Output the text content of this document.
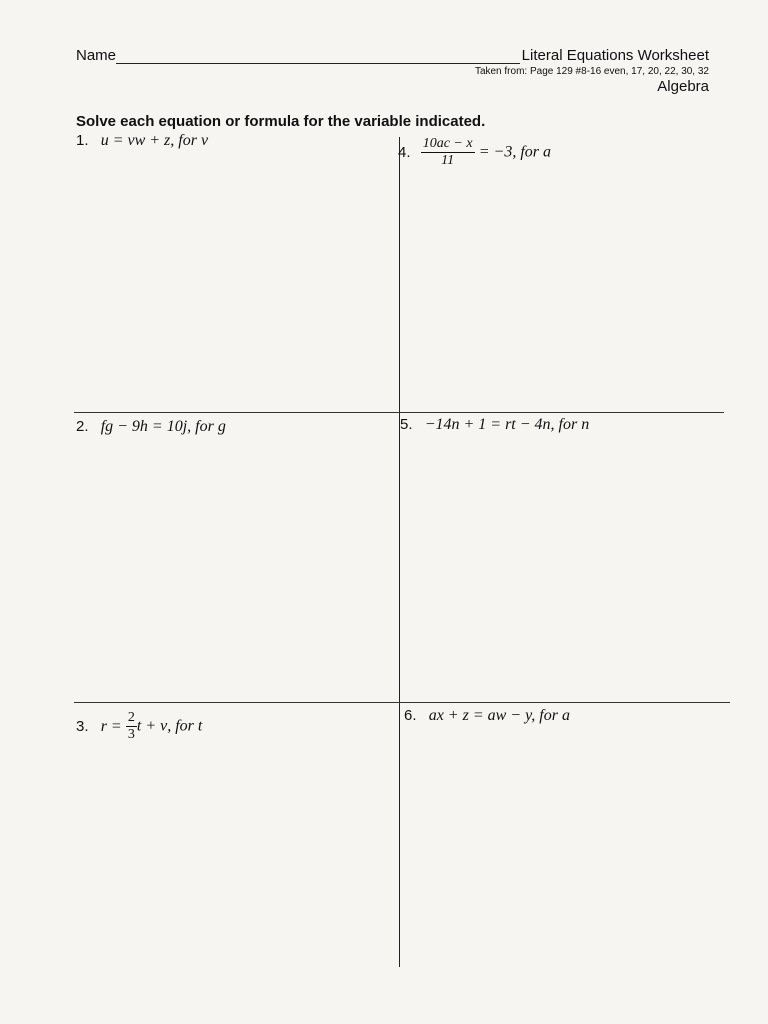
Name	Literal Equations Worksheet
Taken from: Page 129 #8-16 even, 17, 20, 22, 30, 32
Algebra
Solve each equation or formula for the variable indicated.
1. u = vw + z, for v
4. $\frac{10ac - x}{11} = -3$, for a
2. fg − 9h = 10j, for g	5. −14n + 1 = rt − 4n, for n
3. $r = \frac{2}{3}$ t + v, for t
6. ax + z = aw − y, for a
